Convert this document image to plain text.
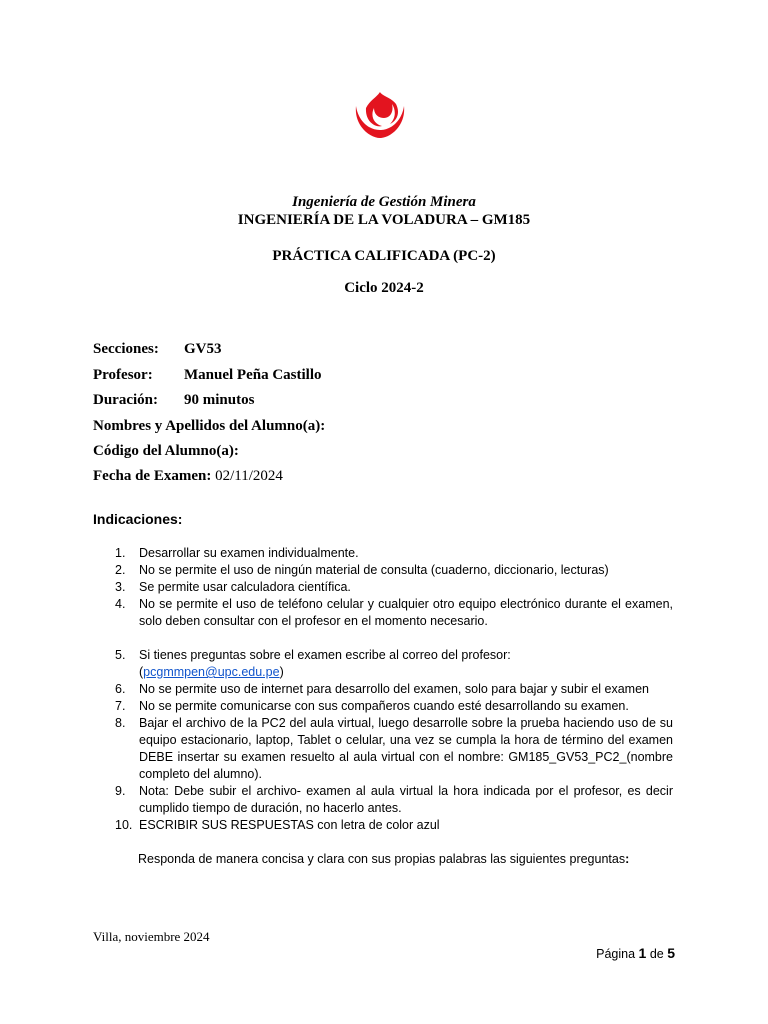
Ingeniería de Gestión Minera
INGENIERÍA DE LA VOLADURA – GM185
PRÁCTICA CALIFICADA (PC-2)
Ciclo 2024-2
Secciones: GV53
Profesor: Manuel Peña Castillo
Duración: 90 minutos
Nombres y Apellidos del Alumno(a):
Código del Alumno(a):
Fecha de Examen: 02/11/2024
Indicaciones:
1. Desarrollar su examen individualmente.
2. No se permite el uso de ningún material de consulta (cuaderno, diccionario, lecturas)
3. Se permite usar calculadora científica.
4. No se permite el uso de teléfono celular y cualquier otro equipo electrónico durante el examen, solo deben consultar con el profesor en el momento necesario.
5. Si tienes preguntas sobre el examen escribe al correo del profesor:
(pcgmmpen@upc.edu.pe)
6. No se permite uso de internet para desarrollo del examen, solo para bajar y subir el examen
7. No se permite comunicarse con sus compañeros cuando esté desarrollando su examen.
8. Bajar el archivo de la PC2 del aula virtual, luego desarrolle sobre la prueba haciendo uso de su equipo estacionario, laptop, Tablet o celular, una vez se cumpla la hora de término del examen DEBE insertar su examen resuelto al aula virtual con el nombre: GM185_GV53_PC2_(nombre completo del alumno).
9. Nota: Debe subir el archivo- examen al aula virtual la hora indicada por el profesor, es decir cumplido tiempo de duración, no hacerlo antes.
10. ESCRIBIR SUS RESPUESTAS con letra de color azul
Responda de manera concisa y clara con sus propias palabras las siguientes preguntas:
Villa, noviembre 2024
Página 1 de 5
